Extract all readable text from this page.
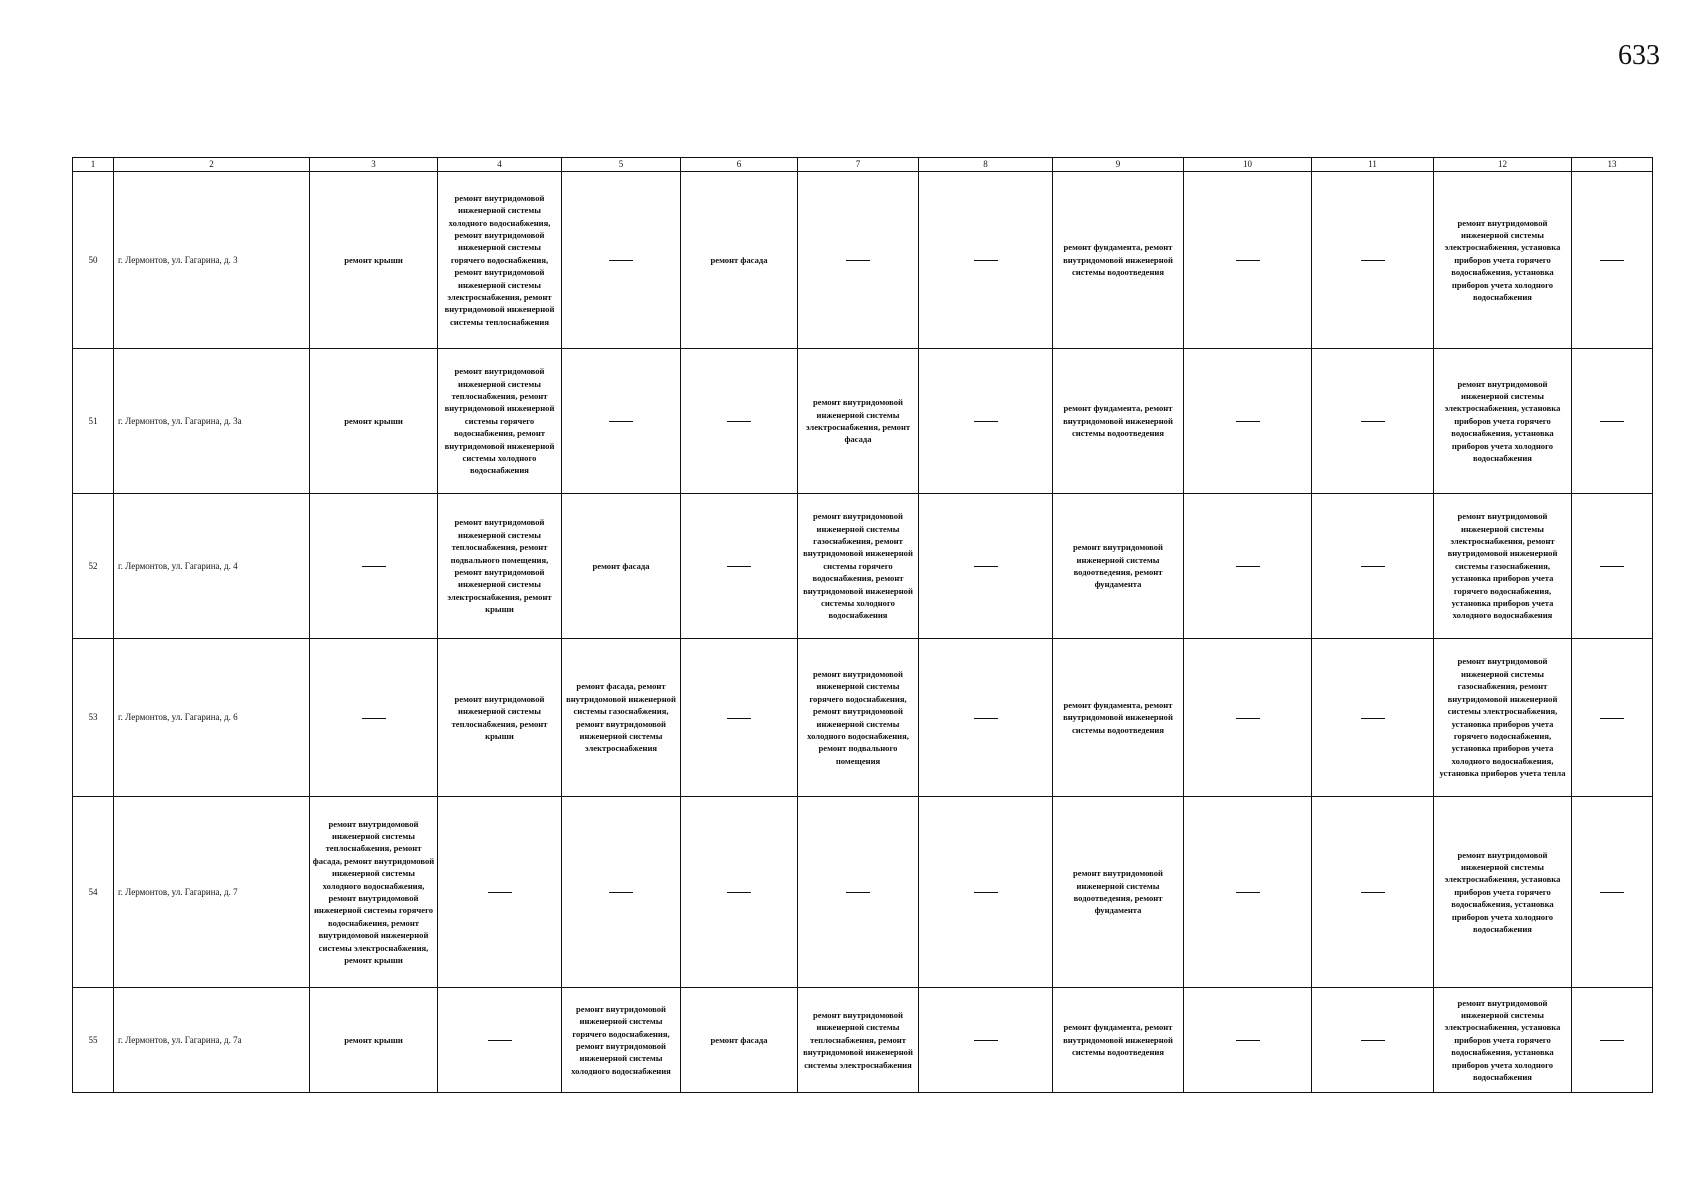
633
1	2	3	4	5	6	7	8	9	10	11	12	13
50	г. Лермонтов, ул. Гагарина, д. 3	ремонт крыши	ремонт внутридомовой инженерной системы холодного водоснабжения, ремонт внутридомовой инженерной системы горячего водоснабжения, ремонт внутридомовой инженерной системы электроснабжения, ремонт внутридомовой инженерной системы теплоснабжения		ремонт фасада			ремонт фундамента, ремонт внутридомовой инженерной системы водоотведения			ремонт внутридомовой инженерной системы электроснабжения, установка приборов учета горячего водоснабжения, установка приборов учета холодного водоснабжения	
51	г. Лермонтов, ул. Гагарина, д. 3а	ремонт крыши	ремонт внутридомовой инженерной системы теплоснабжения, ремонт внутридомовой инженерной системы горячего водоснабжения, ремонт внутридомовой инженерной системы холодного водоснабжения			ремонт внутридомовой инженерной системы электроснабжения, ремонт фасада		ремонт фундамента, ремонт внутридомовой инженерной системы водоотведения			ремонт внутридомовой инженерной системы электроснабжения, установка приборов учета горячего водоснабжения, установка приборов учета холодного водоснабжения	
52	г. Лермонтов, ул. Гагарина, д. 4		ремонт внутридомовой инженерной системы теплоснабжения, ремонт подвального помещения, ремонт внутридомовой инженерной системы электроснабжения, ремонт крыши	ремонт фасада		ремонт внутридомовой инженерной системы газоснабжения, ремонт внутридомовой инженерной системы горячего водоснабжения, ремонт внутридомовой инженерной системы холодного водоснабжения		ремонт внутридомовой инженерной системы водоотведения, ремонт фундамента			ремонт внутридомовой инженерной системы электроснабжения, ремонт внутридомовой инженерной системы газоснабжения, установка приборов учета горячего водоснабжения, установка приборов учета холодного водоснабжения	
53	г. Лермонтов, ул. Гагарина, д. 6		ремонт внутридомовой инженерной системы теплоснабжения, ремонт крыши	ремонт фасада, ремонт внутридомовой инженерной системы газоснабжения, ремонт внутридомовой инженерной системы электроснабжения		ремонт внутридомовой инженерной системы горячего водоснабжения, ремонт внутридомовой инженерной системы холодного водоснабжения, ремонт подвального помещения		ремонт фундамента, ремонт внутридомовой инженерной системы водоотведения			ремонт внутридомовой инженерной системы газоснабжения, ремонт внутридомовой инженерной системы электроснабжения, установка приборов учета горячего водоснабжения, установка приборов учета холодного водоснабжения, установка приборов учета тепла	
54	г. Лермонтов, ул. Гагарина, д. 7	ремонт внутридомовой инженерной системы теплоснабжения, ремонт фасада, ремонт внутридомовой инженерной системы холодного водоснабжения, ремонт внутридомовой инженерной системы горячего водоснабжения, ремонт внутридомовой инженерной системы электроснабжения, ремонт крыши						ремонт внутридомовой инженерной системы водоотведения, ремонт фундамента			ремонт внутридомовой инженерной системы электроснабжения, установка приборов учета горячего водоснабжения, установка приборов учета холодного водоснабжения	
55	г. Лермонтов, ул. Гагарина, д. 7а	ремонт крыши		ремонт внутридомовой инженерной системы горячего водоснабжения, ремонт внутридомовой инженерной системы холодного водоснабжения	ремонт фасада	ремонт внутридомовой инженерной системы теплоснабжения, ремонт внутридомовой инженерной системы электроснабжения		ремонт фундамента, ремонт внутридомовой инженерной системы водоотведения			ремонт внутридомовой инженерной системы электроснабжения, установка приборов учета горячего водоснабжения, установка приборов учета холодного водоснабжения	
